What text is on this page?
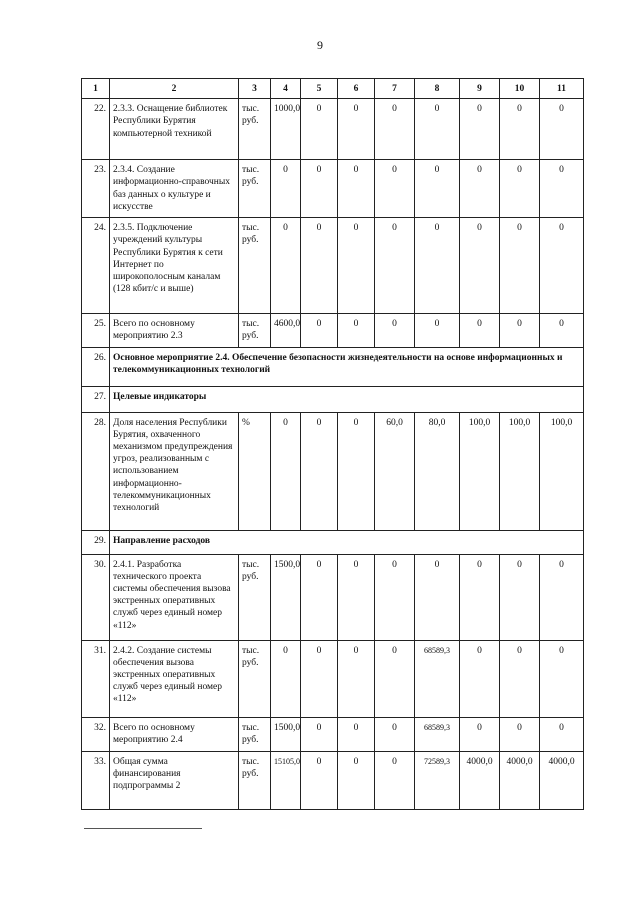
9
1	2	3	4	5	6	7	8	9	10	11
22.	2.3.3. Оснащение библиотек Республики Бурятия компьютерной техникой	тыс. руб.	1000,0	0	0	0	0	0	0	0
23.	2.3.4. Создание информационно-справочных баз данных о культуре и искусстве	тыс. руб.	0	0	0	0	0	0	0	0
24.	2.3.5. Подключение учреждений культуры Республики Бурятия к сети Интернет по широкополосным каналам (128 кбит/с и выше)	тыс. руб.	0	0	0	0	0	0	0	0
25.	Всего по основному мероприятию 2.3	тыс. руб.	4600,0	0	0	0	0	0	0	0
26.	Основное мероприятие 2.4. Обеспечение безопасности жизнедеятельности на основе информационных и телекоммуникационных технологий									
27.	Целевые индикаторы									
28.	Доля населения Республики Бурятия, охваченного механизмом предупреждения угроз, реализованным с использованием информационно-телекоммуникационных технологий	%	0	0	0	60,0	80,0	100,0	100,0	100,0
29.	Направление расходов									
30.	2.4.1. Разработка технического проекта системы обеспечения вызова экстренных оперативных служб через единый номер «112»	тыс. руб.	1500,0	0	0	0	0	0	0	0
31.	2.4.2. Создание системы обеспечения вызова экстренных оперативных служб через единый номер «112»	тыс. руб.	0	0	0	0	68589,3	0	0	0
32.	Всего по основному мероприятию 2.4	тыс. руб.	1500,0	0	0	0	68589,3	0	0	0
33.	Общая сумма финансирования подпрограммы 2	тыс. руб.	15105,0	0	0	0	72589,3	4000,0	4000,0	4000,0
